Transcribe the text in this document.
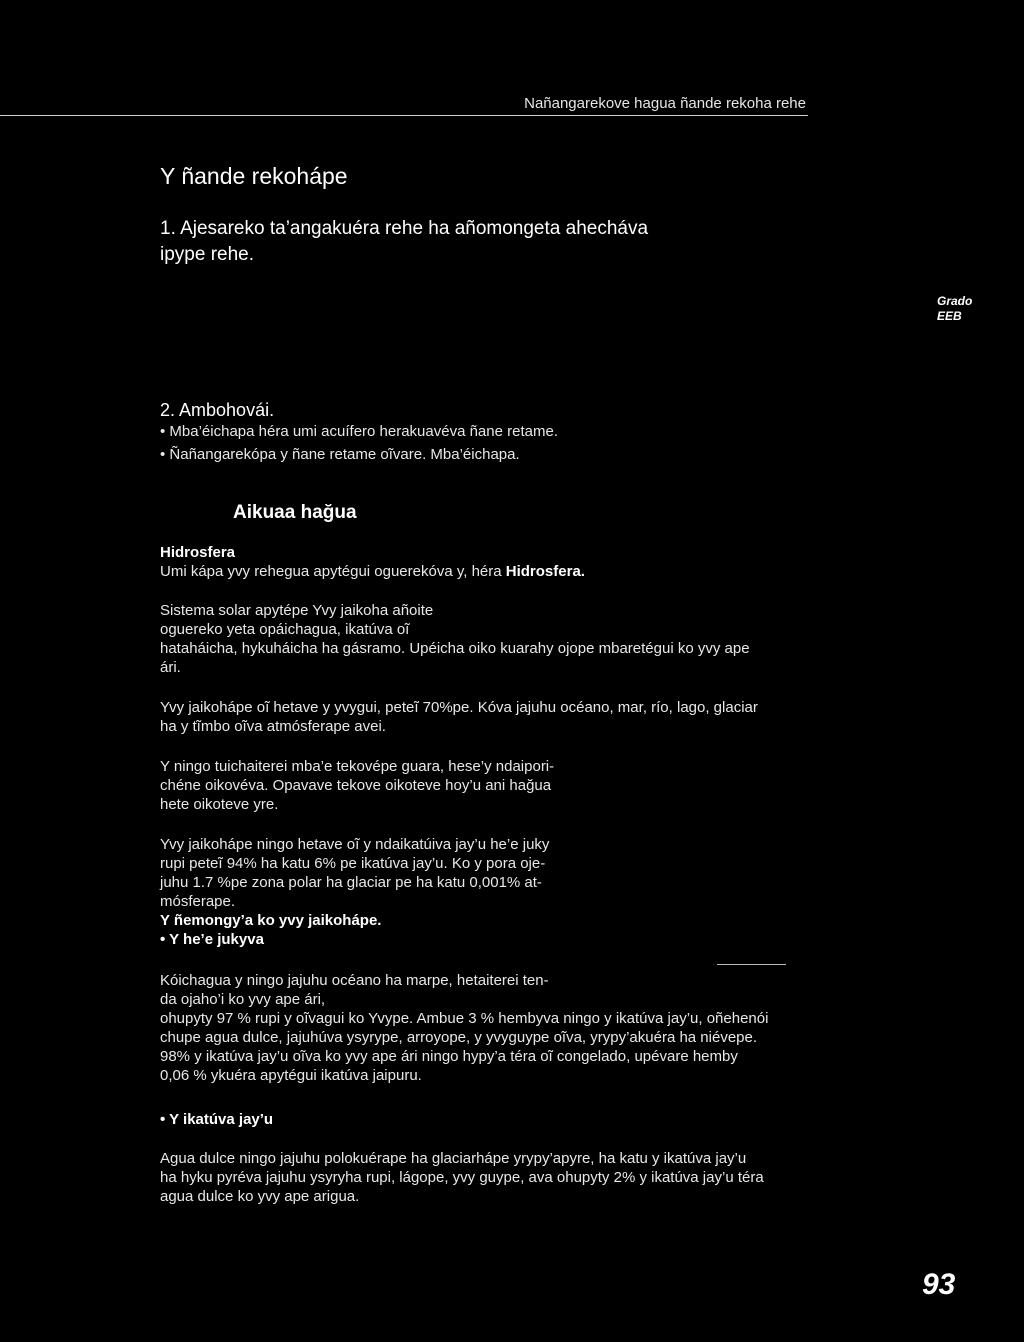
Nañangarekove hagua ñande rekoha rehe
Y ñande rekohápe
1. Ajesareko ta’angakuéra rehe ha añomongeta ahecháva
ipype rehe.
Grado
EEB
2. Ambohovái.
• Mba’éichapa héra umi acuífero herakuavéva ñane retame.
• Ñañangarekópa y ñane retame oĩvare. Mba’éichapa.
Aikuaa hağua
Hidrosfera
Umi kápa yvy rehegua apytégui oguerekóva y, héra Hidrosfera.

Sistema solar apytépe Yvy jaikoha añoite

oguereko yeta opáichagua, ikatúva oĩ

hataháicha, hykuháicha ha gásramo. Upéicha oiko kuarahy ojope mbaretégui ko yvy ape

ári.

Yvy jaikohápe oĩ hetave y yvygui, peteĩ 70%pe. Kóva jajuhu océano, mar, río, lago, glaciar

ha y tĩmbo oĩva atmósferape avei.

Y ningo tuichaiterei mba’e tekovépe guara, hese’y ndaipori-

chéne oikovéva. Opavave tekove oikoteve hoy’u ani hağua

hete oikoteve yre.

Yvy jaikohápe ningo hetave oĩ y ndaikatúiva jay’u he’e juky

rupi peteĩ 94% ha katu 6% pe ikatúva jay’u. Ko y pora oje-

juhu 1.7 %pe zona polar ha glaciar pe ha katu 0,001% at-

mósferape.

Y ñemongy’a ko yvy jaikohápe.

• Y he’e jukyva

Kóichagua y ningo jajuhu océano ha marpe, hetaiterei ten-

da ojaho’i ko yvy ape ári,

ohupyty 97 % rupi y oĩvagui ko Yvype. Ambue 3 % hembyva ningo y ikatúva jay’u, oñehenói

chupe agua dulce, jajuhúva ysyrype, arroyope, y yvyguype oĩva, yrypy’akuéra ha niévepe.

98% y ikatúva jay’u oĩva ko yvy ape ári ningo hypy’a téra oĩ congelado, upévare hemby

0,06 % ykuéra apytégui ikatúva jaipuru.

• Y ikatúva jay’u

Agua dulce ningo jajuhu polokuérape ha glaciarhápe yrypy’apyre, ha katu y ikatúva jay’u

ha hyku pyréva jajuhu ysyryha rupi, lágope, yvy guype, ava ohupyty 2% y ikatúva jay’u téra

agua dulce ko yvy ape arigua.

93
